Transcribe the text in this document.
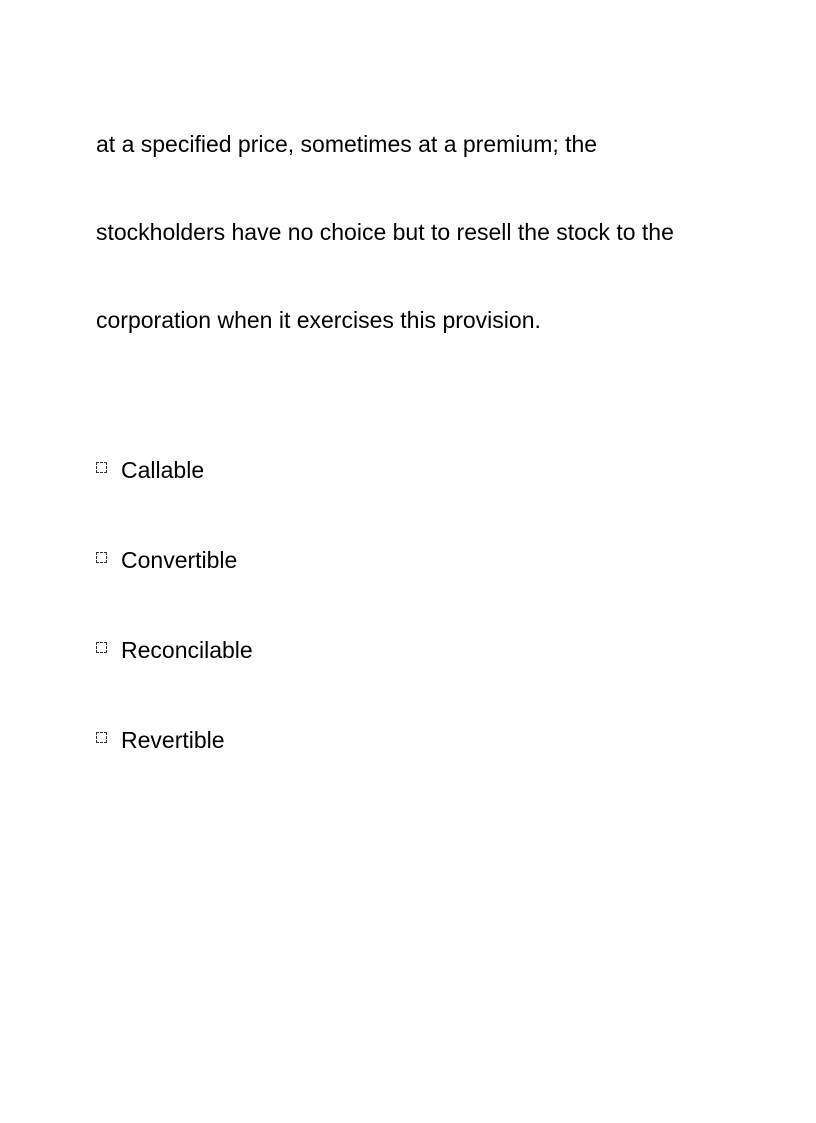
at a specified price, sometimes at a premium; the
stockholders have no choice but to resell the stock to the
corporation when it exercises this provision.
Callable
Convertible
Reconcilable
Revertible
